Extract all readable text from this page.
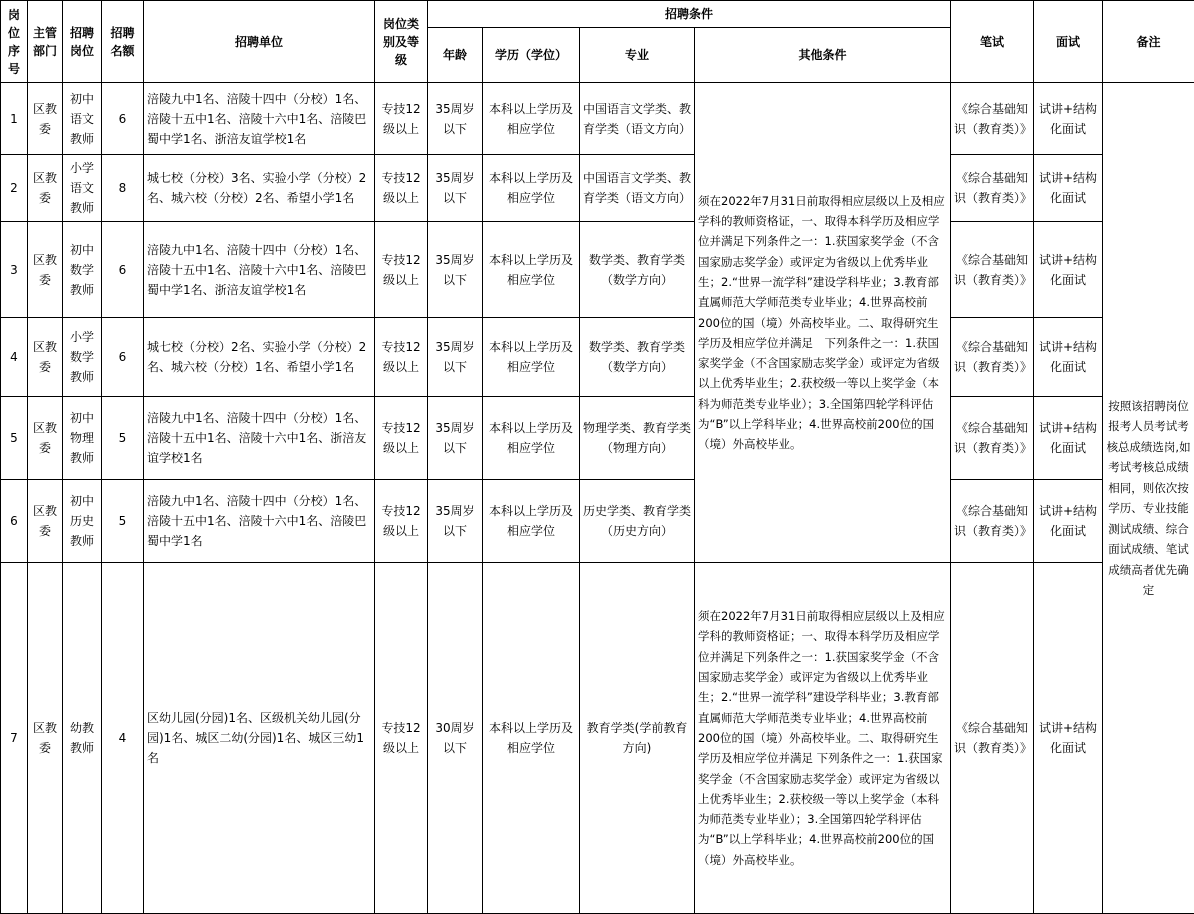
岗位序号	主管部门	招聘岗位	招聘名额	招聘单位	岗位类别及等级	招聘条件				笔试	面试	备注
						年龄	学历（学位）	专业	其他条件			
1	区教委	初中语文教师	6	涪陵九中1名、涪陵十四中（分校）1名、涪陵十五中1名、涪陵十六中1名、涪陵巴蜀中学1名、浙涪友谊学校1名	专技12级以上	35周岁以下	本科以上学历及相应学位	中国语言文学类、教育学类（语文方向）	须在2022年7月31日前取得相应层级以上及相应学科的教师资格证，一、取得本科学历及相应学位并满足下列条件之一：1.获国家奖学金（不含国家励志奖学金）或评定为省级以上优秀毕业生；2.“世界一流学科”建设学科毕业；3.教育部直属师范大学师范类专业毕业；4.世界高校前200位的国（境）外高校毕业。二、取得研究生学历及相应学位并满足　下列条件之一：1.获国家奖学金（不含国家励志奖学金）或评定为省级以上优秀毕业生；2.获校级一等以上奖学金（本科为师范类专业毕业）；3.全国第四轮学科评估为“B”以上学科毕业；4.世界高校前200位的国（境）外高校毕业。	《综合基础知识（教育类）》	试讲+结构化面试	按照该招聘岗位报考人员考试考核总成绩选岗,如考试考核总成绩相同，则依次按学历、专业技能测试成绩、综合面试成绩、笔试成绩高者优先确定
2	区教委	小学语文教师	8	城七校（分校）3名、实验小学（分校）2名、城六校（分校）2名、希望小学1名	专技12级以上	35周岁以下	本科以上学历及相应学位	中国语言文学类、教育学类（语文方向）		《综合基础知识（教育类）》	试讲+结构化面试	
3	区教委	初中数学教师	6	涪陵九中1名、涪陵十四中（分校）1名、涪陵十五中1名、涪陵十六中1名、涪陵巴蜀中学1名、浙涪友谊学校1名	专技12级以上	35周岁以下	本科以上学历及相应学位	数学类、教育学类（数学方向）		《综合基础知识（教育类）》	试讲+结构化面试	
4	区教委	小学数学教师	6	城七校（分校）2名、实验小学（分校）2名、城六校（分校）1名、希望小学1名	专技12级以上	35周岁以下	本科以上学历及相应学位	数学类、教育学类（数学方向）		《综合基础知识（教育类）》	试讲+结构化面试	
5	区教委	初中物理教师	5	涪陵九中1名、涪陵十四中（分校）1名、涪陵十五中1名、涪陵十六中1名、浙涪友谊学校1名	专技12级以上	35周岁以下	本科以上学历及相应学位	物理学类、教育学类（物理方向）		《综合基础知识（教育类）》	试讲+结构化面试	
6	区教委	初中历史教师	5	涪陵九中1名、涪陵十四中（分校）1名、涪陵十五中1名、涪陵十六中1名、涪陵巴蜀中学1名	专技12级以上	35周岁以下	本科以上学历及相应学位	历史学类、教育学类（历史方向）		《综合基础知识（教育类）》	试讲+结构化面试	
7	区教委	幼教教师	4	区幼儿园(分园)1名、区级机关幼儿园(分园)1名、城区二幼(分园)1名、城区三幼1名	专技12级以上	30周岁以下	本科以上学历及相应学位	教育学类(学前教育方向)	须在2022年7月31日前取得相应层级以上及相应学科的教师资格证；一、取得本科学历及相应学位并满足下列条件之一：1.获国家奖学金（不含国家励志奖学金）或评定为省级以上优秀毕业生；2.“世界一流学科”建设学科毕业；3.教育部直属师范大学师范类专业毕业；4.世界高校前200位的国（境）外高校毕业。二、取得研究生学历及相应学位并满足 下列条件之一：1.获国家奖学金（不含国家励志奖学金）或评定为省级以上优秀毕业生；2.获校级一等以上奖学金（本科为师范类专业毕业）；3.全国第四轮学科评估为“B”以上学科毕业；4.世界高校前200位的国（境）外高校毕业。	《综合基础知识（教育类）》	试讲+结构化面试	
